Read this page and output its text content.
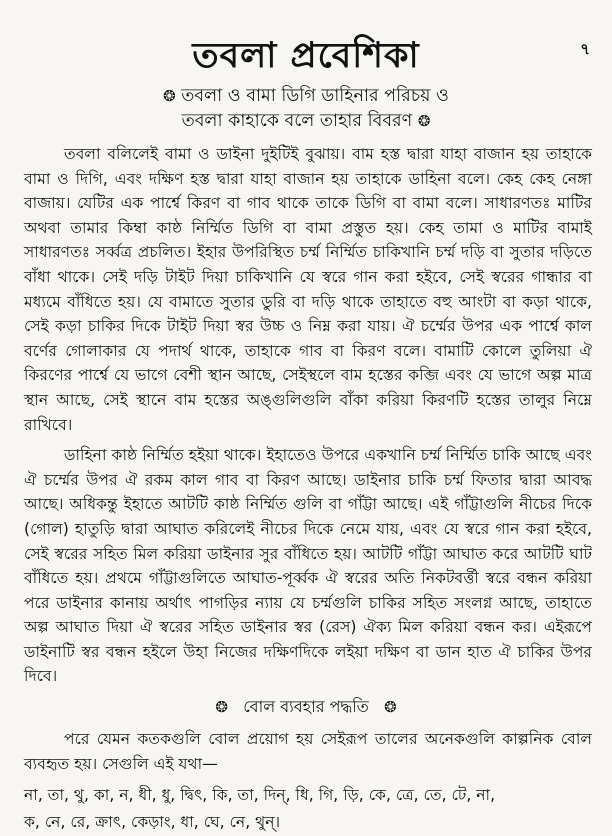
৭
তবলা প্রবেশিকা
❂ তবলা ও বামা ডিগি ডাহিনার পরিচয় ও
তবলা কাহাকে বলে তাহার বিবরণ ❂

তবলা বলিলেই বামা ও ডাইনা দুইটিই বুঝায়। বাম হস্ত দ্বারা যাহা বাজান হয় তাহাকে বামা ও দিগি, এবং দক্ষিণ হস্ত দ্বারা যাহা বাজান হয় তাহাকে ডাহিনা বলে। কেহ কেহ নেঙ্গা বাজায়। যেটির এক পার্শ্বে কিরণ বা গাব থাকে তাকে ডিগি বা বামা বলে। সাধারণতঃ মাটির অথবা তামার কিম্বা কাষ্ঠ নির্ম্মিত ডিগি বা বামা প্রস্তুত হয়। কেহ তামা ও মাটির বামাই সাধারণতঃ সর্ব্বত্র প্রচলিত। ইহার উপরিস্থিত চর্ম্ম নির্ম্মিত চাকিখানি চর্ম্ম দড়ি বা সুতার দড়িতে বাঁধা থাকে। সেই দড়ি টাইট দিয়া চাকিখানি যে স্বরে গান করা হইবে, সেই স্বরের গান্ধার বা মধ্যমে বাঁধিতে হয়। যে বামাতে সুতার ডুরি বা দড়ি থাকে তাহাতে বহু আংটা বা কড়া থাকে, সেই কড়া চাকির দিকে টাইট দিয়া স্বর উচ্চ ও নিম্ন করা যায়। ঐ চর্ম্মের উপর এক পার্শ্বে কাল বর্ণের গোলাকার যে পদার্থ থাকে, তাহাকে গাব বা কিরণ বলে। বামাটি কোলে তুলিয়া ঐ কিরণের পার্শ্বে যে ভাগে বেশী স্থান আছে, সেইস্থলে বাম হস্তের কব্জি এবং যে ভাগে অল্প মাত্র স্থান আছে, সেই স্থানে বাম হস্তের অঙ্গুলিগুলি বাঁকা করিয়া কিরণটি হস্তের তালুর নিম্নে রাখিবে।

ডাহিনা কাষ্ঠ নির্ম্মিত হইয়া থাকে। ইহাতেও উপরে একখানি চর্ম্ম নির্ম্মিত চাকি আছে এবং ঐ চর্ম্মের উপর ঐ রকম কাল গাব বা কিরণ আছে। ডাইনার চাকি চর্ম্ম ফিতার দ্বারা আবদ্ধ আছে। অধিকন্তু ইহাতে আটটি কাষ্ঠ নির্ম্মিত গুলি বা গাঁট্টা আছে। এই গাঁট্টাগুলি নীচের দিকে (গোল) হাতুড়ি দ্বারা আঘাত করিলেই নীচের দিকে নেমে যায়, এবং যে স্বরে গান করা হইবে, সেই স্বরের সহিত মিল করিয়া ডাইনার সুর বাঁধিতে হয়। আটটি গাঁট্টা আঘাত করে আটটি ঘাট বাঁধিতে হয়। প্রথমে গাঁট্টাগুলিতে আঘাত-পূর্ব্বক ঐ স্বরের অতি নিকটবর্ত্তী স্বরে বন্ধন করিয়া পরে ডাইনার কানায় অর্থাৎ পাগড়ির ন্যায় যে চর্ম্মগুলি চাকির সহিত সংলগ্ন আছে, তাহাতে অল্প আঘাত দিয়া ঐ স্বরের সহিত ডাইনার স্বর (রেস) ঐক্য মিল করিয়া বন্ধন কর। এইরূপে ডাইনাটি স্বর বন্ধন হইলে উহা নিজের দক্ষিণদিকে লইয়া দক্ষিণ বা ডান হাত ঐ চাকির উপর দিবে।

❂ বোল ব্যবহার পদ্ধতি ❂

পরে যেমন কতকগুলি বোল প্রয়োগ হয় সেইরূপ তালের অনেকগুলি কাল্পনিক বোল ব্যবহৃত হয়। সেগুলি এই যথা—

না, তা, থু, কা, ন, ধী, ধু, দ্বিৎ, কি, তা, দিন্‌, ধি, গি, ড়ি, কে, ত্রে, তে, টে, না,
ক, নে, রে, ক্রাৎ, কেড়াং, ধা, ঘে, নে, থুন্‌।
